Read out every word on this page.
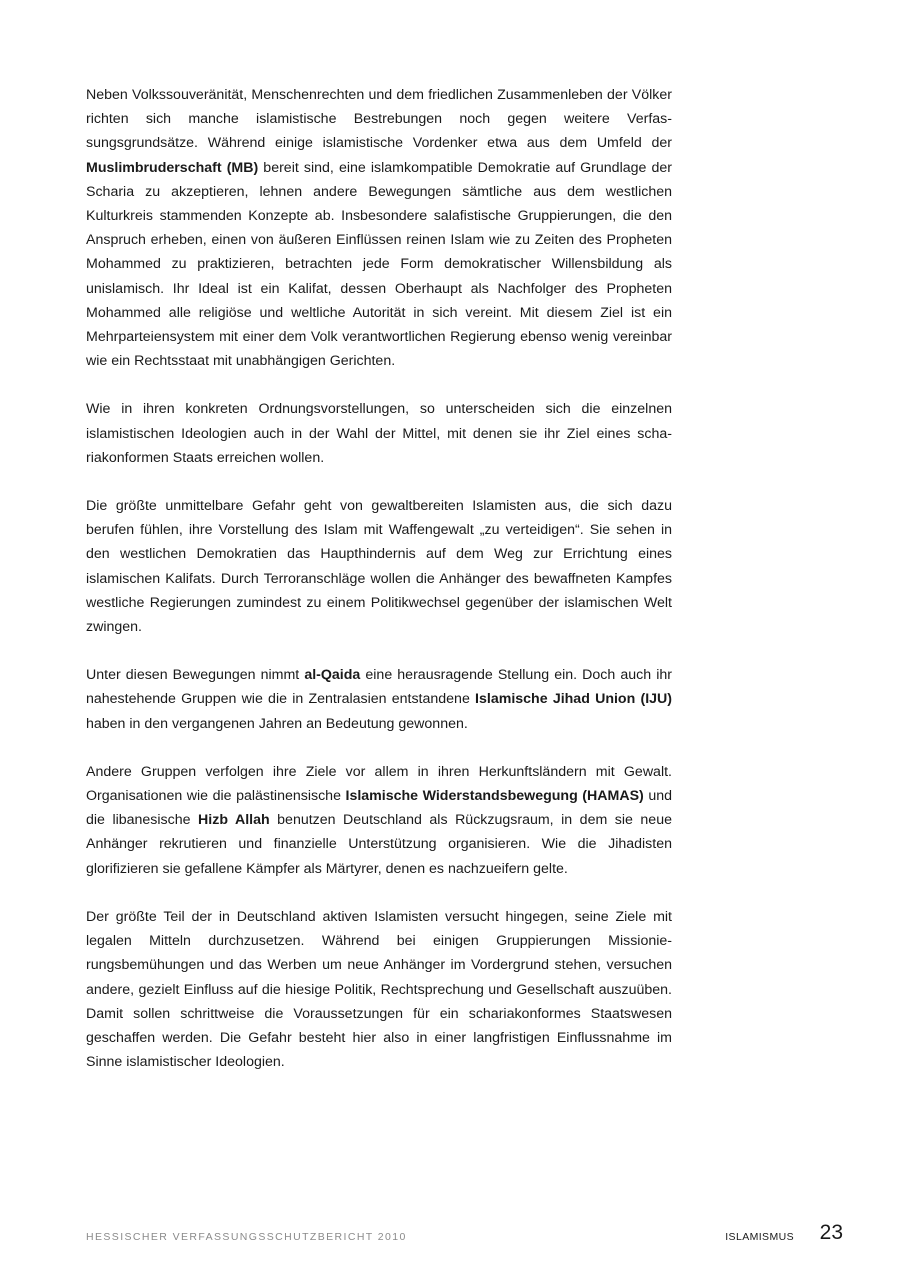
Neben Volkssouveränität, Menschenrechten und dem friedlichen Zusammenleben der Völker richten sich manche islamistische Bestrebungen noch gegen weitere Verfassungsgrundsätze. Während einige islamistische Vordenker etwa aus dem Umfeld der Muslimbruderschaft (MB) bereit sind, eine islamkompatible Demokratie auf Grundlage der Scharia zu akzeptieren, lehnen andere Bewegungen sämtliche aus dem westlichen Kulturkreis stammenden Konzepte ab. Insbesondere salafistische Gruppierungen, die den Anspruch erheben, einen von äußeren Einflüssen reinen Islam wie zu Zeiten des Propheten Mohammed zu praktizieren, betrachten jede Form demokratischer Willensbildung als unislamisch. Ihr Ideal ist ein Kalifat, dessen Oberhaupt als Nachfolger des Propheten Mohammed alle religiöse und weltliche Autorität in sich vereint. Mit diesem Ziel ist ein Mehrparteiensystem mit einer dem Volk verantwortlichen Regierung ebenso wenig vereinbar wie ein Rechtsstaat mit unabhängigen Gerichten.

Wie in ihren konkreten Ordnungsvorstellungen, so unterscheiden sich die einzelnen islamistischen Ideologien auch in der Wahl der Mittel, mit denen sie ihr Ziel eines schariakonformen Staats erreichen wollen.

Die größte unmittelbare Gefahr geht von gewaltbereiten Islamisten aus, die sich dazu berufen fühlen, ihre Vorstellung des Islam mit Waffengewalt „zu verteidigen“. Sie sehen in den westlichen Demokratien das Haupthindernis auf dem Weg zur Errichtung eines islamischen Kalifats. Durch Terroranschläge wollen die Anhänger des bewaffneten Kampfes westliche Regierungen zumindest zu einem Politikwechsel gegenüber der islamischen Welt zwingen.

Unter diesen Bewegungen nimmt al-Qaida eine herausragende Stellung ein. Doch auch ihr nahestehende Gruppen wie die in Zentralasien entstandene Islamische Jihad Union (IJU) haben in den vergangenen Jahren an Bedeutung gewonnen.

Andere Gruppen verfolgen ihre Ziele vor allem in ihren Herkunftsländern mit Gewalt. Organisationen wie die palästinensische Islamische Widerstandsbewegung (HAMAS) und die libanesische Hizb Allah benutzen Deutschland als Rückzugsraum, in dem sie neue Anhänger rekrutieren und finanzielle Unterstützung organisieren. Wie die Jihadisten glorifizieren sie gefallene Kämpfer als Märtyrer, denen es nachzueifern gelte.

Der größte Teil der in Deutschland aktiven Islamisten versucht hingegen, seine Ziele mit legalen Mitteln durchzusetzen. Während bei einigen Gruppierungen Missionierungsbemühungen und das Werben um neue Anhänger im Vordergrund stehen, versuchen andere, gezielt Einfluss auf die hiesige Politik, Rechtsprechung und Gesellschaft auszuüben. Damit sollen schrittweise die Voraussetzungen für ein schariakonformes Staatswesen geschaffen werden. Die Gefahr besteht hier also in einer langfristigen Einflussnahme im Sinne islamistischer Ideologien.

HESSISCHER VERFASSUNGSSCHUTZBERICHT 2010	ISLAMISMUS 23
